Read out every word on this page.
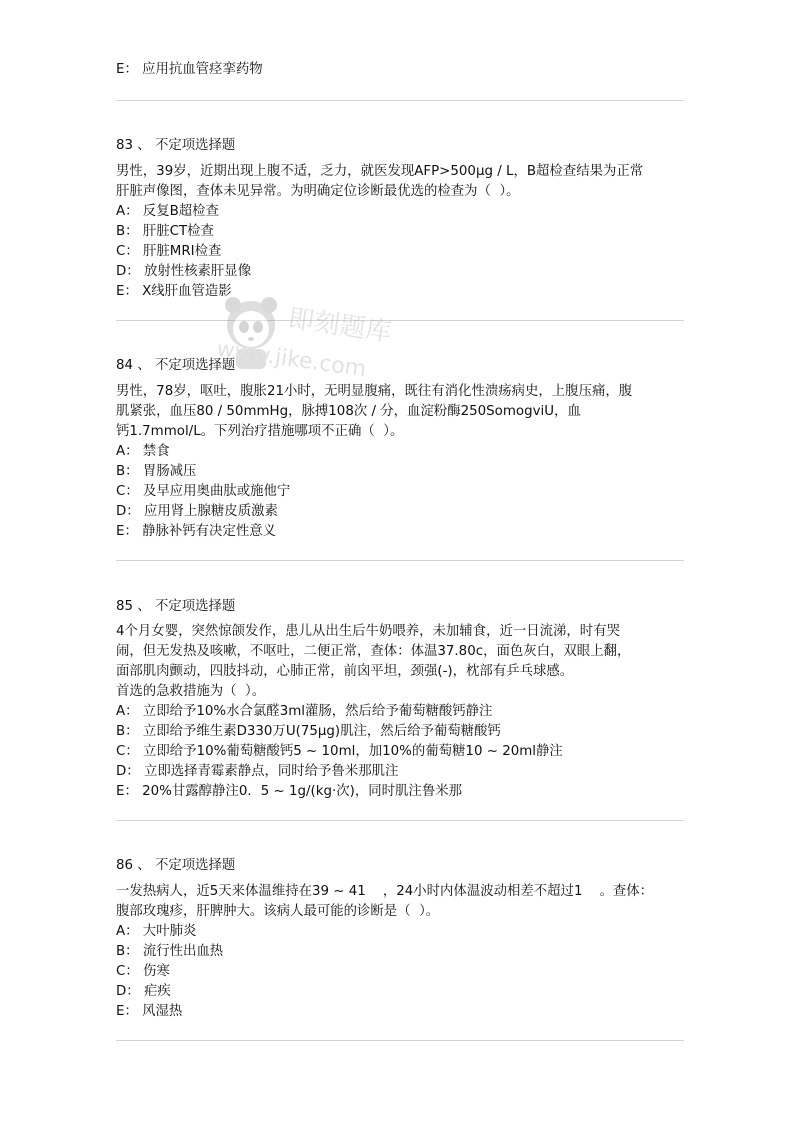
E： 应用抗血管痉挛药物
83 、 不定项选择题
男性，39岁，近期出现上腹不适，乏力，就医发现AFP>500μg / L，B超检查结果为正常
肝脏声像图，查体未见异常。为明确定位诊断最优选的检查为（  ）。
A： 反复B超检查
B： 肝脏CT检查
C： 肝脏MRI检查
D： 放射性核素肝显像
E： X线肝血管造影
84 、 不定项选择题
男性，78岁，呕吐，腹胀21小时，无明显腹痛，既往有消化性溃疡病史，上腹压痛，腹
肌紧张，血压80 / 50mmHg，脉搏108次 / 分，血淀粉酶250SomogviU，血
钙1.7mmol/L。下列治疗措施哪项不正确（  ）。
A： 禁食
B： 胃肠减压
C： 及早应用奥曲肽或施他宁
D： 应用肾上腺糖皮质激素
E： 静脉补钙有决定性意义
85 、 不定项选择题
4个月女婴，突然惊颌发作，患儿从出生后牛奶喂养，未加辅食，近一日流涕，时有哭
闹，但无发热及咳嗽，不呕吐，二便正常，查体：体温37.80c，面色灰白，双眼上翻，
面部肌肉颤动，四肢抖动，心肺正常，前囟平坦，颈强(-)，枕部有乒乓球感。
首选的急救措施为（  ）。
A： 立即给予10%水合氯醛3ml灌肠，然后给予葡萄糖酸钙静注
B： 立即给予维生素D330万U(75μg)肌注，然后给予葡萄糖酸钙
C： 立即给予10%葡萄糖酸钙5 ~ 10ml，加10%的葡萄糖10 ~ 20ml静注
D： 立即选择青霉素静点，同时给予鲁米那肌注
E： 20%甘露醇静注0．5 ~ 1g/(kg·次)，同时肌注鲁米那
86 、 不定项选择题
一发热病人，近5天来体温维持在39 ~ 41    ，24小时内体温波动相差不超过1    。查体：
腹部玫瑰疹，肝脾肿大。该病人最可能的诊断是（  ）。
A： 大叶肺炎
B： 流行性出血热
C： 伤寒
D： 疟疾
E： 风湿热
即刻题库
www.jike.com
